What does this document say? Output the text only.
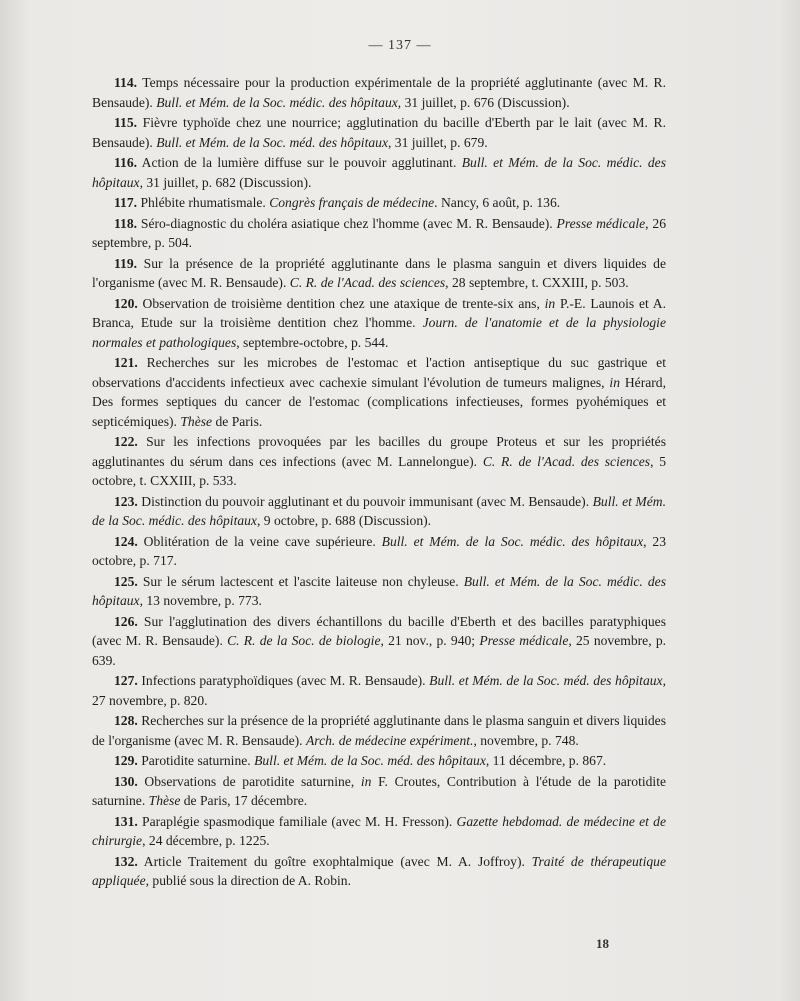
— 137 —

114. Temps nécessaire pour la production expérimentale de la propriété agglutinante (avec M. R. Bensaude). Bull. et Mém. de la Soc. médic. des hôpitaux, 31 juillet, p. 676 (Discussion).

115. Fièvre typhoïde chez une nourrice; agglutination du bacille d'Eberth par le lait (avec M. R. Bensaude). Bull. et Mém. de la Soc. méd. des hôpitaux, 31 juillet, p. 679.

116. Action de la lumière diffuse sur le pouvoir agglutinant. Bull. et Mém. de la Soc. médic. des hôpitaux, 31 juillet, p. 682 (Discussion).

117. Phlébite rhumatismale. Congrès français de médecine. Nancy, 6 août, p. 136.

118. Séro-diagnostic du choléra asiatique chez l'homme (avec M. R. Bensaude). Presse médicale, 26 septembre, p. 504.

119. Sur la présence de la propriété agglutinante dans le plasma sanguin et divers liquides de l'organisme (avec M. R. Bensaude). C. R. de l'Acad. des sciences, 28 septembre, t. CXXIII, p. 503.

120. Observation de troisième dentition chez une ataxique de trente-six ans, in P.-E. Launois et A. Branca, Etude sur la troisième dentition chez l'homme. Journ. de l'anatomie et de la physiologie normales et pathologiques, septembre-octobre, p. 544.

121. Recherches sur les microbes de l'estomac et l'action antiseptique du suc gastrique et observations d'accidents infectieux avec cachexie simulant l'évolution de tumeurs malignes, in Hérard, Des formes septiques du cancer de l'estomac (complications infectieuses, formes pyohémiques et septicémiques). Thèse de Paris.

122. Sur les infections provoquées par les bacilles du groupe Proteus et sur les propriétés agglutinantes du sérum dans ces infections (avec M. Lannelongue). C. R. de l'Acad. des sciences, 5 octobre, t. CXXIII, p. 533.

123. Distinction du pouvoir agglutinant et du pouvoir immunisant (avec M. Bensaude). Bull. et Mém. de la Soc. médic. des hôpitaux, 9 octobre, p. 688 (Discussion).

124. Oblitération de la veine cave supérieure. Bull. et Mém. de la Soc. médic. des hôpitaux, 23 octobre, p. 717.

125. Sur le sérum lactescent et l'ascite laiteuse non chyleuse. Bull. et Mém. de la Soc. médic. des hôpitaux, 13 novembre, p. 773.

126. Sur l'agglutination des divers échantillons du bacille d'Eberth et des bacilles paratyphiques (avec M. R. Bensaude). C. R. de la Soc. de biologie, 21 nov., p. 940; Presse médicale, 25 novembre, p. 639.

127. Infections paratyphoïdiques (avec M. R. Bensaude). Bull. et Mém. de la Soc. méd. des hôpitaux, 27 novembre, p. 820.

128. Recherches sur la présence de la propriété agglutinante dans le plasma sanguin et divers liquides de l'organisme (avec M. R. Bensaude). Arch. de médecine expériment., novembre, p. 748.

129. Parotidite saturnine. Bull. et Mém. de la Soc. méd. des hôpitaux, 11 décembre, p. 867.

130. Observations de parotidite saturnine, in F. Croutes, Contribution à l'étude de la parotidite saturnine. Thèse de Paris, 17 décembre.

131. Paraplégie spasmodique familiale (avec M. H. Fresson). Gazette hebdomad. de médecine et de chirurgie, 24 décembre, p. 1225.

132. Article Traitement du goître exophtalmique (avec M. A. Joffroy). Traité de thérapeutique appliquée, publié sous la direction de A. Robin.

18
